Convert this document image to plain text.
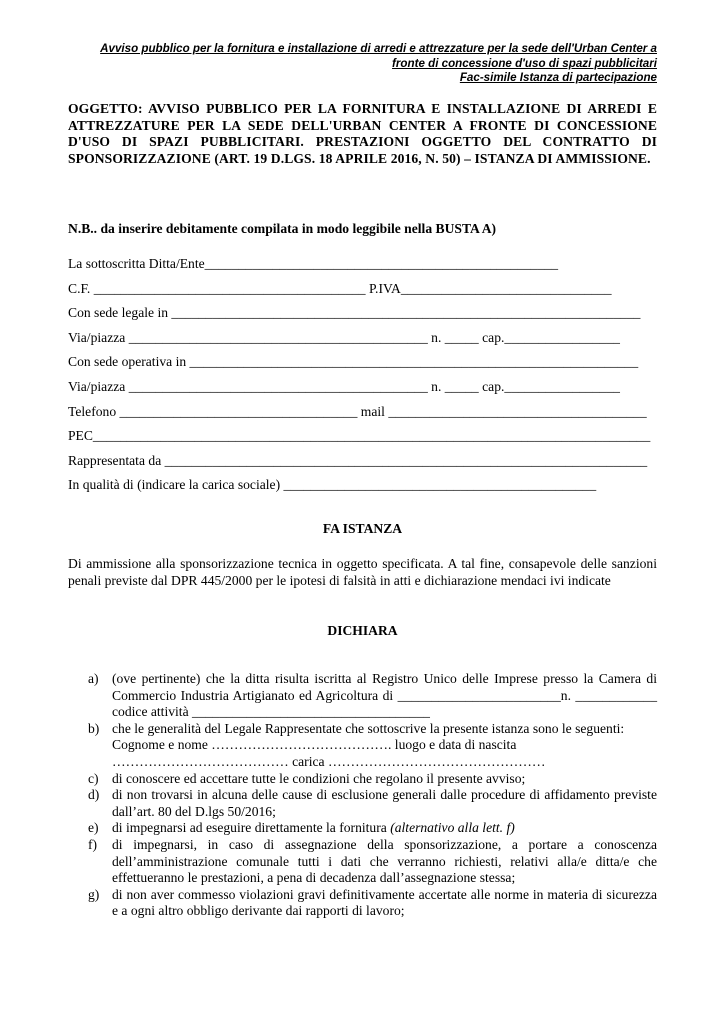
Avviso pubblico per la fornitura e installazione di arredi e attrezzature per la sede dell'Urban Center a
fronte di concessione d'uso di spazi pubblicitari
Fac-simile Istanza di partecipazione
OGGETTO: AVVISO PUBBLICO PER LA FORNITURA E INSTALLAZIONE DI ARREDI E ATTREZZATURE PER LA SEDE DELL'URBAN CENTER A FRONTE DI CONCESSIONE D'USO DI SPAZI PUBBLICITARI. PRESTAZIONI OGGETTO DEL CONTRATTO DI SPONSORIZZAZIONE (ART. 19 D.LGS. 18 APRILE 2016, N. 50) – ISTANZA DI AMMISSIONE.
N.B.. da inserire debitamente compilata in modo leggibile nella BUSTA A)
La sottoscritta Ditta/Ente____________________________________________________
C.F. ________________________________________ P.IVA_______________________________
Con sede legale in _____________________________________________________________________
Via/piazza ____________________________________________ n. _____ cap._________________
Con sede operativa in __________________________________________________________________
Via/piazza ____________________________________________ n. _____ cap._________________
Telefono ___________________________________ mail ______________________________________
PEC__________________________________________________________________________________
Rappresentata da _______________________________________________________________________
In qualità di (indicare la carica sociale) ______________________________________________
FA ISTANZA
Di ammissione alla sponsorizzazione tecnica in oggetto specificata. A tal fine, consapevole delle sanzioni penali previste dal DPR 445/2000 per le ipotesi di falsità in atti e dichiarazione mendaci ivi indicate
DICHIARA
a) (ove pertinente) che la ditta risulta iscritta al Registro Unico delle Imprese presso la Camera di Commercio Industria Artigianato ed Agricoltura di ________________________n. ____________ codice attività ___________________________________
b) che le generalità del Legale Rappresentate che sottoscrive la presente istanza sono le seguenti:
Cognome e nome …………………………………. luogo e data di nascita
………………………………… carica …………………………………………
c) di conoscere ed accettare tutte le condizioni che regolano il presente avviso;
d) di non trovarsi in alcuna delle cause di esclusione generali dalle procedure di affidamento previste dall’art. 80 del D.lgs 50/2016;
e) di impegnarsi ad eseguire direttamente la fornitura (alternativo alla lett. f)
f) di impegnarsi, in caso di assegnazione della sponsorizzazione, a portare a conoscenza dell’amministrazione comunale tutti i dati che verranno richiesti, relativi alla/e ditta/e che effettueranno le prestazioni, a pena di decadenza dall’assegnazione stessa;
g) di non aver commesso violazioni gravi definitivamente accertate alle norme in materia di sicurezza e a ogni altro obbligo derivante dai rapporti di lavoro;
